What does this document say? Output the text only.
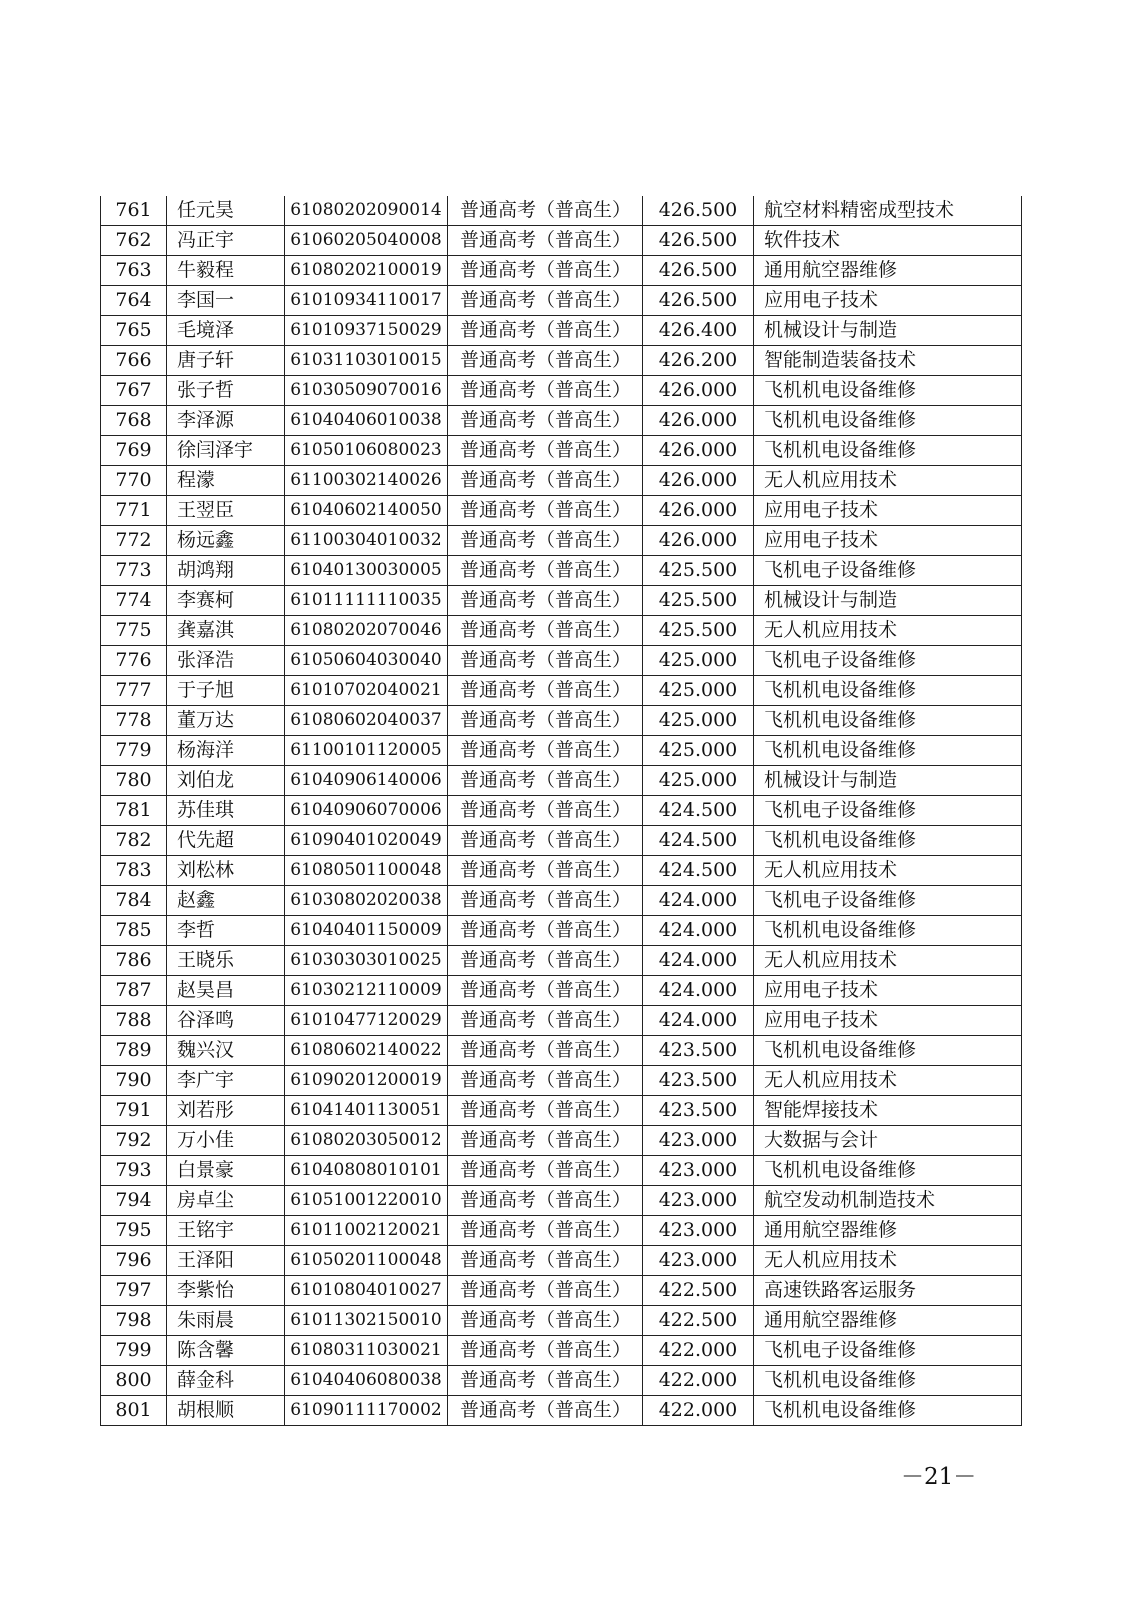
761	任元昊	61080202090014	普通高考（普高生）	426.500	航空材料精密成型技术
762	冯正宇	61060205040008	普通高考（普高生）	426.500	软件技术
763	牛毅程	61080202100019	普通高考（普高生）	426.500	通用航空器维修
764	李国一	61010934110017	普通高考（普高生）	426.500	应用电子技术
765	毛境泽	61010937150029	普通高考（普高生）	426.400	机械设计与制造
766	唐子轩	61031103010015	普通高考（普高生）	426.200	智能制造装备技术
767	张子哲	61030509070016	普通高考（普高生）	426.000	飞机机电设备维修
768	李泽源	61040406010038	普通高考（普高生）	426.000	飞机机电设备维修
769	徐闫泽宇	61050106080023	普通高考（普高生）	426.000	飞机机电设备维修
770	程濛	61100302140026	普通高考（普高生）	426.000	无人机应用技术
771	王翌臣	61040602140050	普通高考（普高生）	426.000	应用电子技术
772	杨远鑫	61100304010032	普通高考（普高生）	426.000	应用电子技术
773	胡鸿翔	61040130030005	普通高考（普高生）	425.500	飞机电子设备维修
774	李赛柯	61011111110035	普通高考（普高生）	425.500	机械设计与制造
775	龚嘉淇	61080202070046	普通高考（普高生）	425.500	无人机应用技术
776	张泽浩	61050604030040	普通高考（普高生）	425.000	飞机电子设备维修
777	于子旭	61010702040021	普通高考（普高生）	425.000	飞机机电设备维修
778	董万达	61080602040037	普通高考（普高生）	425.000	飞机机电设备维修
779	杨海洋	61100101120005	普通高考（普高生）	425.000	飞机机电设备维修
780	刘伯龙	61040906140006	普通高考（普高生）	425.000	机械设计与制造
781	苏佳琪	61040906070006	普通高考（普高生）	424.500	飞机电子设备维修
782	代先超	61090401020049	普通高考（普高生）	424.500	飞机机电设备维修
783	刘松林	61080501100048	普通高考（普高生）	424.500	无人机应用技术
784	赵鑫	61030802020038	普通高考（普高生）	424.000	飞机电子设备维修
785	李哲	61040401150009	普通高考（普高生）	424.000	飞机机电设备维修
786	王晓乐	61030303010025	普通高考（普高生）	424.000	无人机应用技术
787	赵昊昌	61030212110009	普通高考（普高生）	424.000	应用电子技术
788	谷泽鸣	61010477120029	普通高考（普高生）	424.000	应用电子技术
789	魏兴汉	61080602140022	普通高考（普高生）	423.500	飞机机电设备维修
790	李广宇	61090201200019	普通高考（普高生）	423.500	无人机应用技术
791	刘若彤	61041401130051	普通高考（普高生）	423.500	智能焊接技术
792	万小佳	61080203050012	普通高考（普高生）	423.000	大数据与会计
793	白景豪	61040808010101	普通高考（普高生）	423.000	飞机机电设备维修
794	房卓尘	61051001220010	普通高考（普高生）	423.000	航空发动机制造技术
795	王铭宇	61011002120021	普通高考（普高生）	423.000	通用航空器维修
796	王泽阳	61050201100048	普通高考（普高生）	423.000	无人机应用技术
797	李紫怡	61010804010027	普通高考（普高生）	422.500	高速铁路客运服务
798	朱雨晨	61011302150010	普通高考（普高生）	422.500	通用航空器维修
799	陈含馨	61080311030021	普通高考（普高生）	422.000	飞机电子设备维修
800	薛金科	61040406080038	普通高考（普高生）	422.000	飞机机电设备维修
801	胡根顺	61090111170002	普通高考（普高生）	422.000	飞机机电设备维修
－21－
